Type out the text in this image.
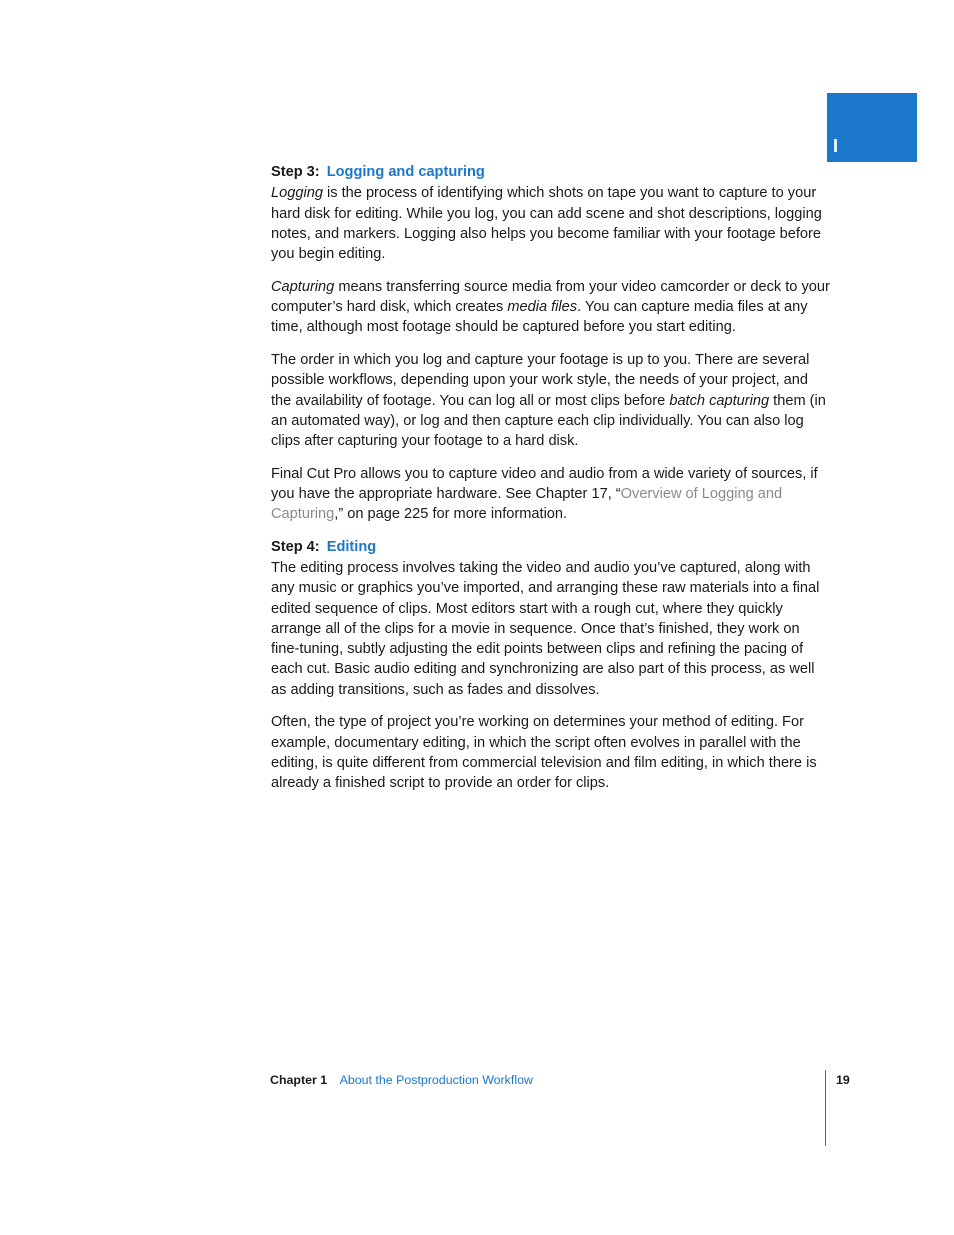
I
Step 3: Logging and capturing

Logging is the process of identifying which shots on tape you want to capture to your hard disk for editing. While you log, you can add scene and shot descriptions, logging notes, and markers. Logging also helps you become familiar with your footage before you begin editing.

Capturing means transferring source media from your video camcorder or deck to your computer’s hard disk, which creates media files. You can capture media files at any time, although most footage should be captured before you start editing.

The order in which you log and capture your footage is up to you. There are several possible workflows, depending upon your work style, the needs of your project, and the availability of footage. You can log all or most clips before batch capturing them (in an automated way), or log and then capture each clip individually. You can also log clips after capturing your footage to a hard disk.

Final Cut Pro allows you to capture video and audio from a wide variety of sources, if you have the appropriate hardware. See Chapter 17, “Overview of Logging and Capturing,” on page 225 for more information.

Step 4: Editing

The editing process involves taking the video and audio you’ve captured, along with any music or graphics you’ve imported, and arranging these raw materials into a final edited sequence of clips. Most editors start with a rough cut, where they quickly arrange all of the clips for a movie in sequence. Once that’s finished, they work on fine-tuning, subtly adjusting the edit points between clips and refining the pacing of each cut. Basic audio editing and synchronizing are also part of this process, as well as adding transitions, such as fades and dissolves.

Often, the type of project you’re working on determines your method of editing. For example, documentary editing, in which the script often evolves in parallel with the editing, is quite different from commercial television and film editing, in which there is already a finished script to provide an order for clips.

Chapter 1 About the Postproduction Workflow	19
